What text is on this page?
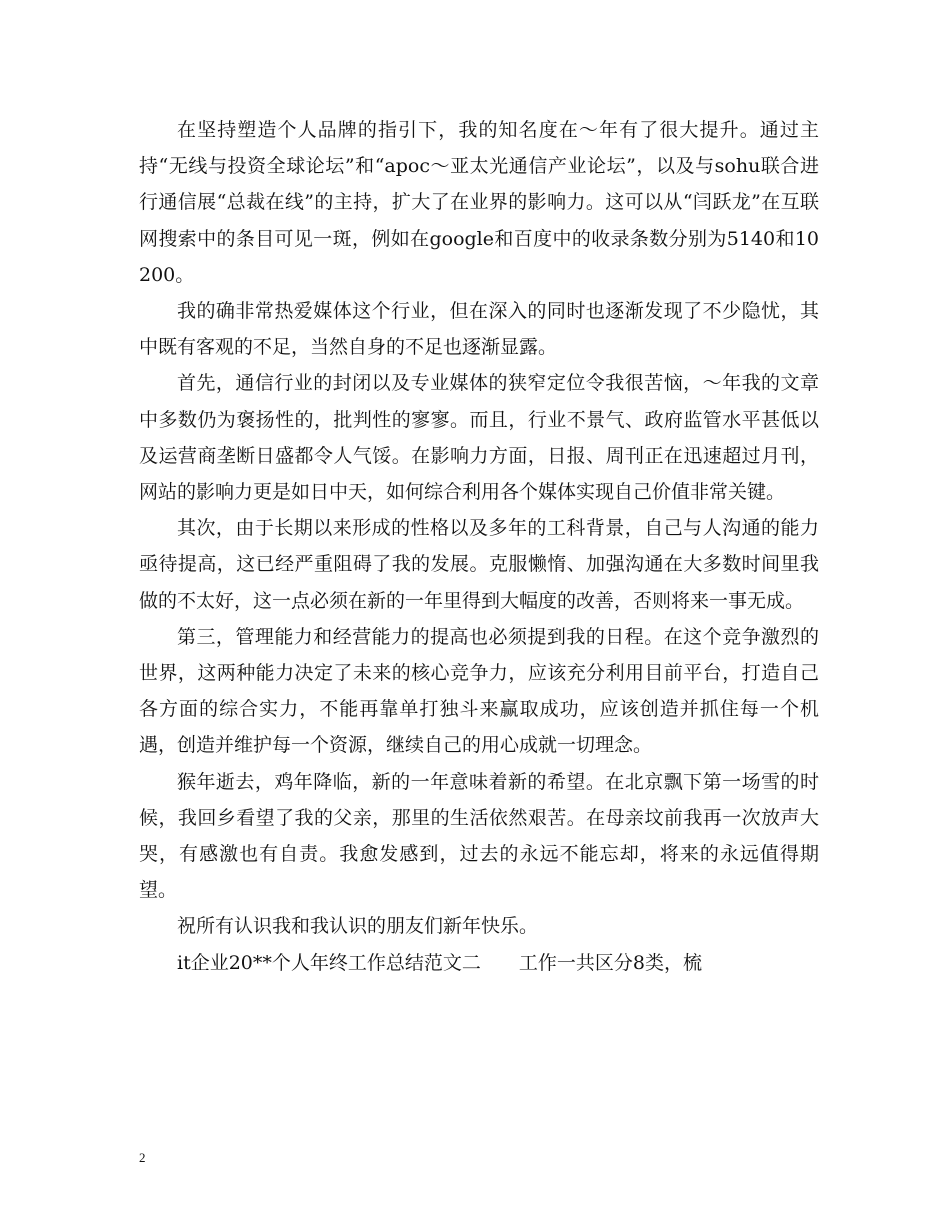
在坚持塑造个人品牌的指引下，我的知名度在～年有了很大提升。通过主持“无线与投资全球论坛”和“apoc～亚太光通信产业论坛”，以及与sohu联合进行通信展“总裁在线”的主持，扩大了在业界的影响力。这可以从“闫跃龙”在互联网搜索中的条目可见一斑，例如在google和百度中的收录条数分别为5140和10200。

我的确非常热爱媒体这个行业，但在深入的同时也逐渐发现了不少隐忧，其中既有客观的不足，当然自身的不足也逐渐显露。

首先，通信行业的封闭以及专业媒体的狭窄定位令我很苦恼，～年我的文章中多数仍为褒扬性的，批判性的寥寥。而且，行业不景气、政府监管水平甚低以及运营商垄断日盛都令人气馁。在影响力方面，日报、周刊正在迅速超过月刊，网站的影响力更是如日中天，如何综合利用各个媒体实现自己价值非常关键。

其次，由于长期以来形成的性格以及多年的工科背景，自己与人沟通的能力亟待提高，这已经严重阻碍了我的发展。克服懒惰、加强沟通在大多数时间里我做的不太好，这一点必须在新的一年里得到大幅度的改善，否则将来一事无成。

第三，管理能力和经营能力的提高也必须提到我的日程。在这个竞争激烈的世界，这两种能力决定了未来的核心竞争力，应该充分利用目前平台，打造自己各方面的综合实力，不能再靠单打独斗来赢取成功，应该创造并抓住每一个机遇，创造并维护每一个资源，继续自己的用心成就一切理念。

猴年逝去，鸡年降临，新的一年意味着新的希望。在北京飘下第一场雪的时候，我回乡看望了我的父亲，那里的生活依然艰苦。在母亲坟前我再一次放声大哭，有感激也有自责。我愈发感到，过去的永远不能忘却，将来的永远值得期望。

祝所有认识我和我认识的朋友们新年快乐。

it企业20**个人年终工作总结范文二　　工作一共区分8类，梳

2
